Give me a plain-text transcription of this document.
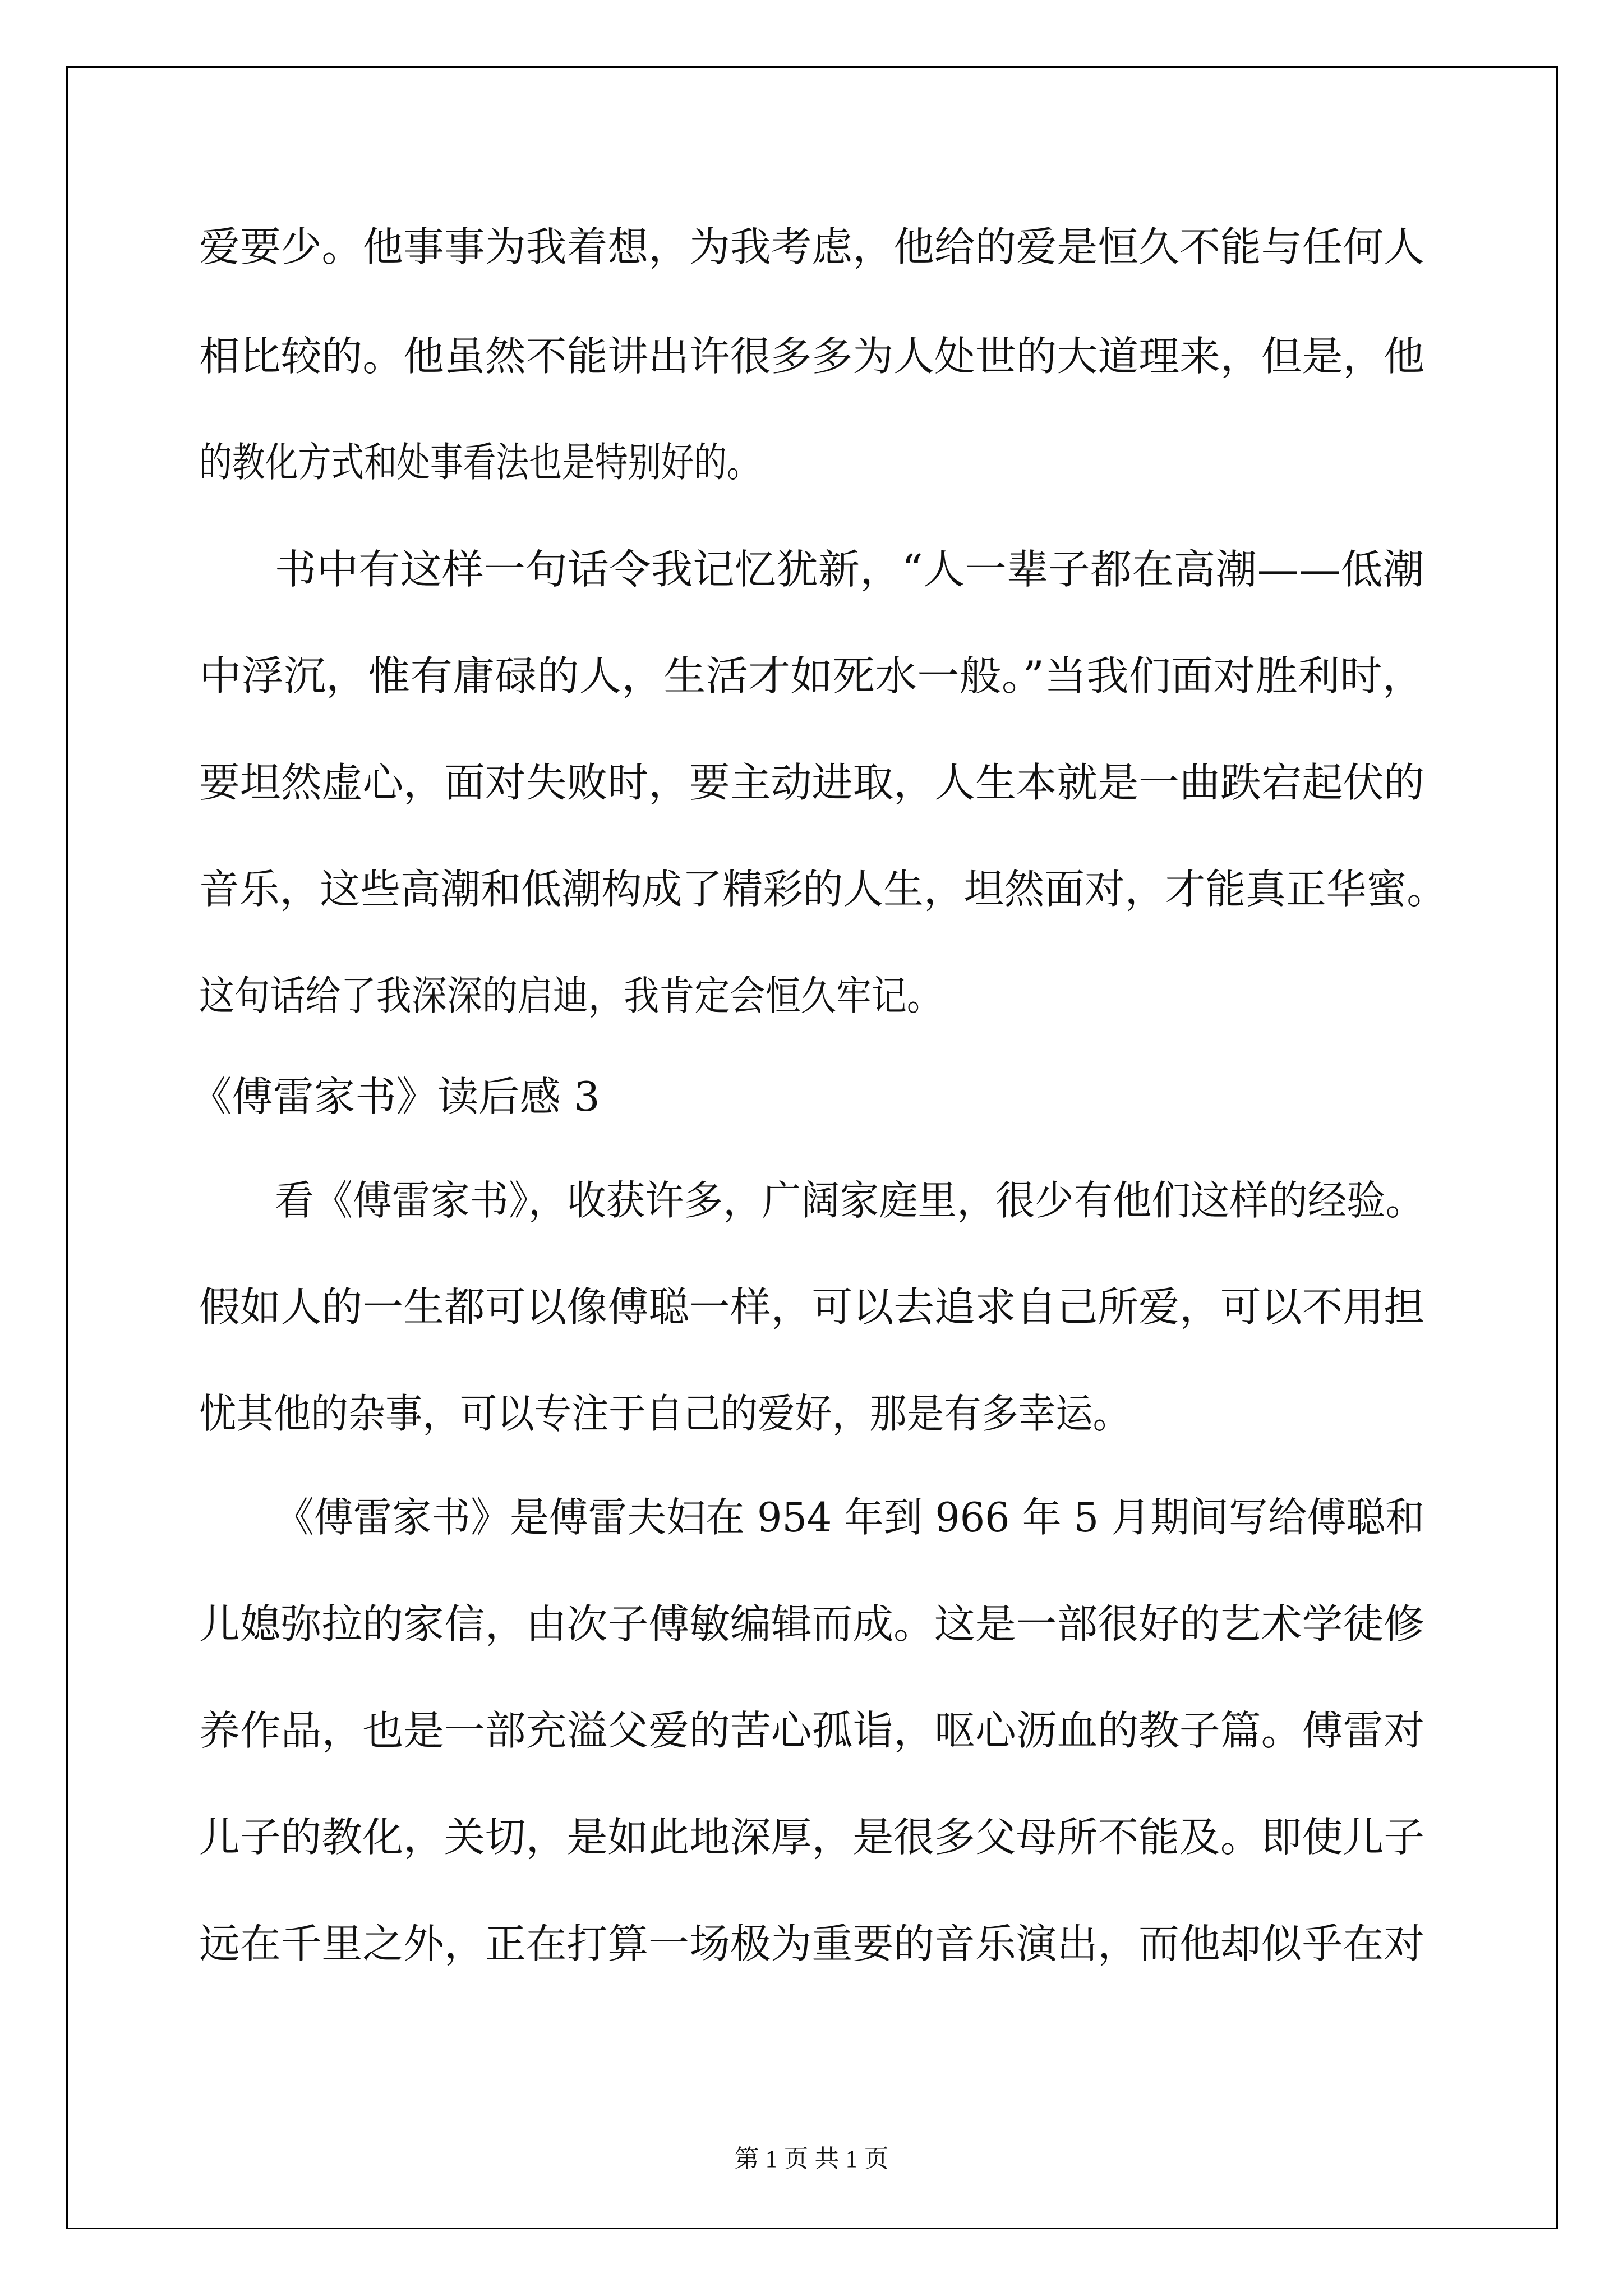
爱要少。他事事为我着想，为我考虑，他给的爱是恒久不能与任何人

相比较的。他虽然不能讲出许很多多为人处世的大道理来，但是，他

的教化方式和处事看法也是特别好的。

书中有这样一句话令我记忆犹新，“人一辈子都在高潮——低潮

中浮沉，惟有庸碌的人，生活才如死水一般。”当我们面对胜利时，

要坦然虚心，面对失败时，要主动进取，人生本就是一曲跌宕起伏的

音乐，这些高潮和低潮构成了精彩的人生，坦然面对，才能真正华蜜。

这句话给了我深深的启迪，我肯定会恒久牢记。

《傅雷家书》读后感 3

看《傅雷家书》，收获许多，广阔家庭里，很少有他们这样的经验。

假如人的一生都可以像傅聪一样，可以去追求自己所爱，可以不用担

忧其他的杂事，可以专注于自己的爱好，那是有多幸运。

《傅雷家书》是傅雷夫妇在 954 年到 966 年 5 月期间写给傅聪和

儿媳弥拉的家信，由次子傅敏编辑而成。这是一部很好的艺术学徒修

养作品，也是一部充溢父爱的苦心孤诣，呕心沥血的教子篇。傅雷对

儿子的教化，关切，是如此地深厚，是很多父母所不能及。即使儿子

远在千里之外，正在打算一场极为重要的音乐演出，而他却似乎在对

第 1 页 共 1 页
